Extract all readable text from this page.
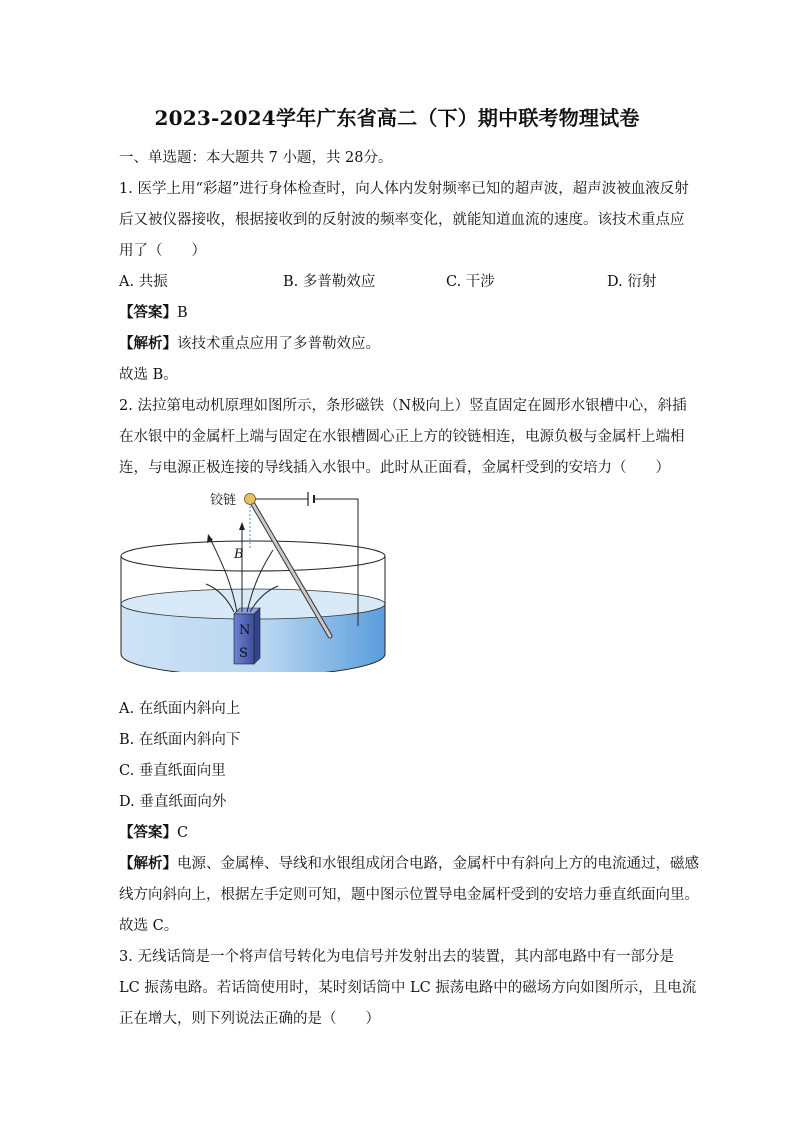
2023-2024学年广东省高二（下）期中联考物理试卷
一、单选题：本大题共 7 小题，共 28分。
1. 医学上用“彩超”进行身体检查时，向人体内发射频率已知的超声波，超声波被血液反射
后又被仪器接收，根据接收到的反射波的频率变化，就能知道血流的速度。该技术重点应
用了（　　）
A. 共振	B. 多普勒效应	C. 干涉	D. 衍射
【答案】B
【解析】该技术重点应用了多普勒效应。
故选 B。
2. 法拉第电动机原理如图所示，条形磁铁（N极向上）竖直固定在圆形水银槽中心，斜插
在水银中的金属杆上端与固定在水银槽圆心正上方的铰链相连，电源负极与金属杆上端相
连，与电源正极连接的导线插入水银中。此时从正面看，金属杆受到的安培力（　　）
N
S
B
铰链
A. 在纸面内斜向上
B. 在纸面内斜向下
C. 垂直纸面向里
D. 垂直纸面向外
【答案】C
【解析】电源、金属棒、导线和水银组成闭合电路，金属杆中有斜向上方的电流通过，磁感
线方向斜向上，根据左手定则可知，题中图示位置导电金属杆受到的安培力垂直纸面向里。
故选 C。
3. 无线话筒是一个将声信号转化为电信号并发射出去的装置，其内部电路中有一部分是
LC 振荡电路。若话筒使用时，某时刻话筒中 LC 振荡电路中的磁场方向如图所示，且电流
正在增大，则下列说法正确的是（　　）
